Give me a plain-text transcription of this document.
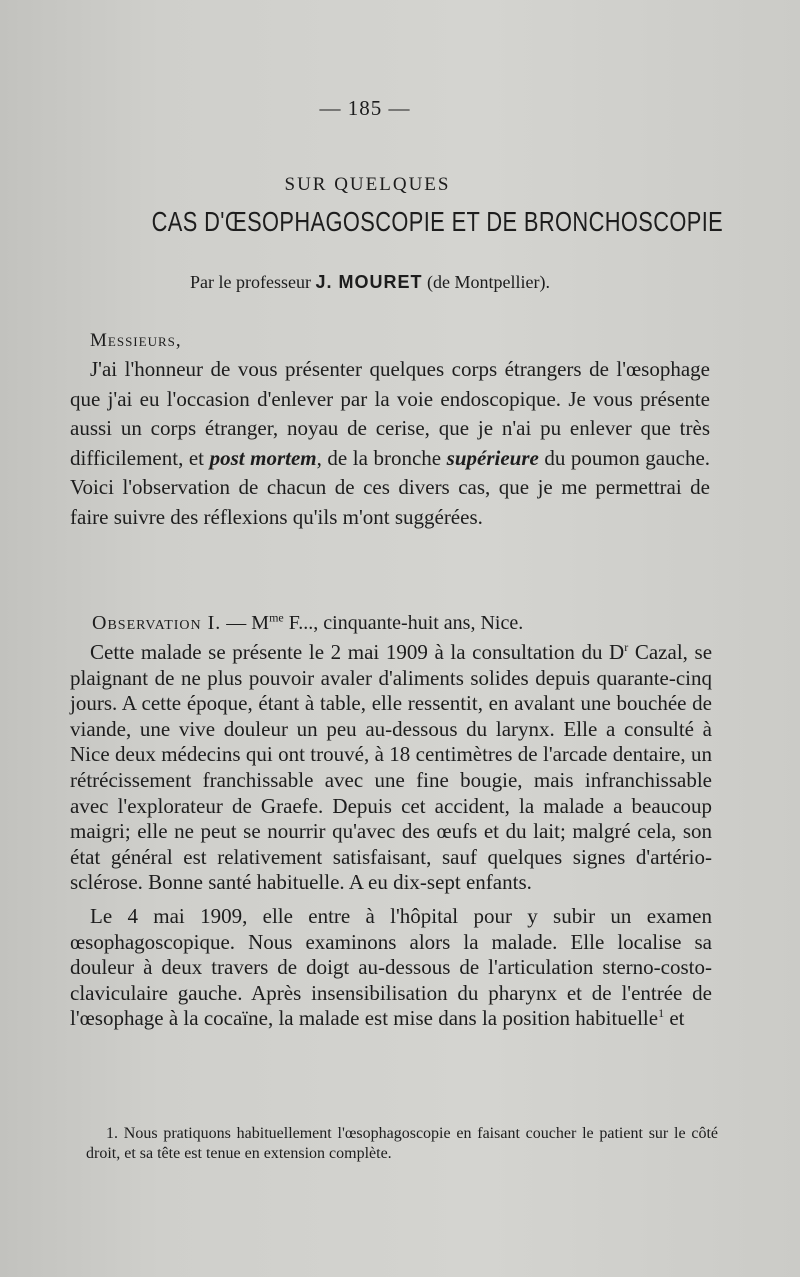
— 185 —
SUR QUELQUES
CAS D'ŒSOPHAGOSCOPIE ET DE BRONCHOSCOPIE
Par le professeur J. MOURET (de Montpellier).
Messieurs,

J'ai l'honneur de vous présenter quelques corps étrangers de l'œsophage que j'ai eu l'occasion d'enlever par la voie endoscopique. Je vous présente aussi un corps étranger, noyau de cerise, que je n'ai pu enlever que très difficilement, et post mortem, de la bronche supérieure du poumon gauche. Voici l'observation de chacun de ces divers cas, que je me permettrai de faire suivre des réflexions qu'ils m'ont suggérées.

Observation I. — $M^{me}$ F..., cinquante-huit ans, Nice.

Cette malade se présente le 2 mai 1909 à la consultation du $D^r$ Cazal, se plaignant de ne plus pouvoir avaler d'aliments solides depuis quarante-cinq jours. A cette époque, étant à table, elle ressentit, en avalant une bouchée de viande, une vive douleur un peu au-dessous du larynx. Elle a consulté à Nice deux médecins qui ont trouvé, à 18 centimètres de l'arcade dentaire, un rétrécissement franchissable avec une fine bougie, mais infranchissable avec l'explorateur de Graefe. Depuis cet accident, la malade a beaucoup maigri; elle ne peut se nourrir qu'avec des œufs et du lait; malgré cela, son état général est relativement satisfaisant, sauf quelques signes d'artério-sclérose. Bonne santé habituelle. A eu dix-sept enfants.

Le 4 mai 1909, elle entre à l'hôpital pour y subir un examen œsophagoscopique. Nous examinons alors la malade. Elle localise sa douleur à deux travers de doigt au-dessous de l'articulation sterno-costo-claviculaire gauche. Après insensibilisation du pharynx et de l'entrée de l'œsophage à la cocaïne, la malade est mise dans la position habituelle$^1$ et

1. Nous pratiquons habituellement l'œsophagoscopie en faisant coucher le patient sur le côté droit, et sa tête est tenue en extension complète.
